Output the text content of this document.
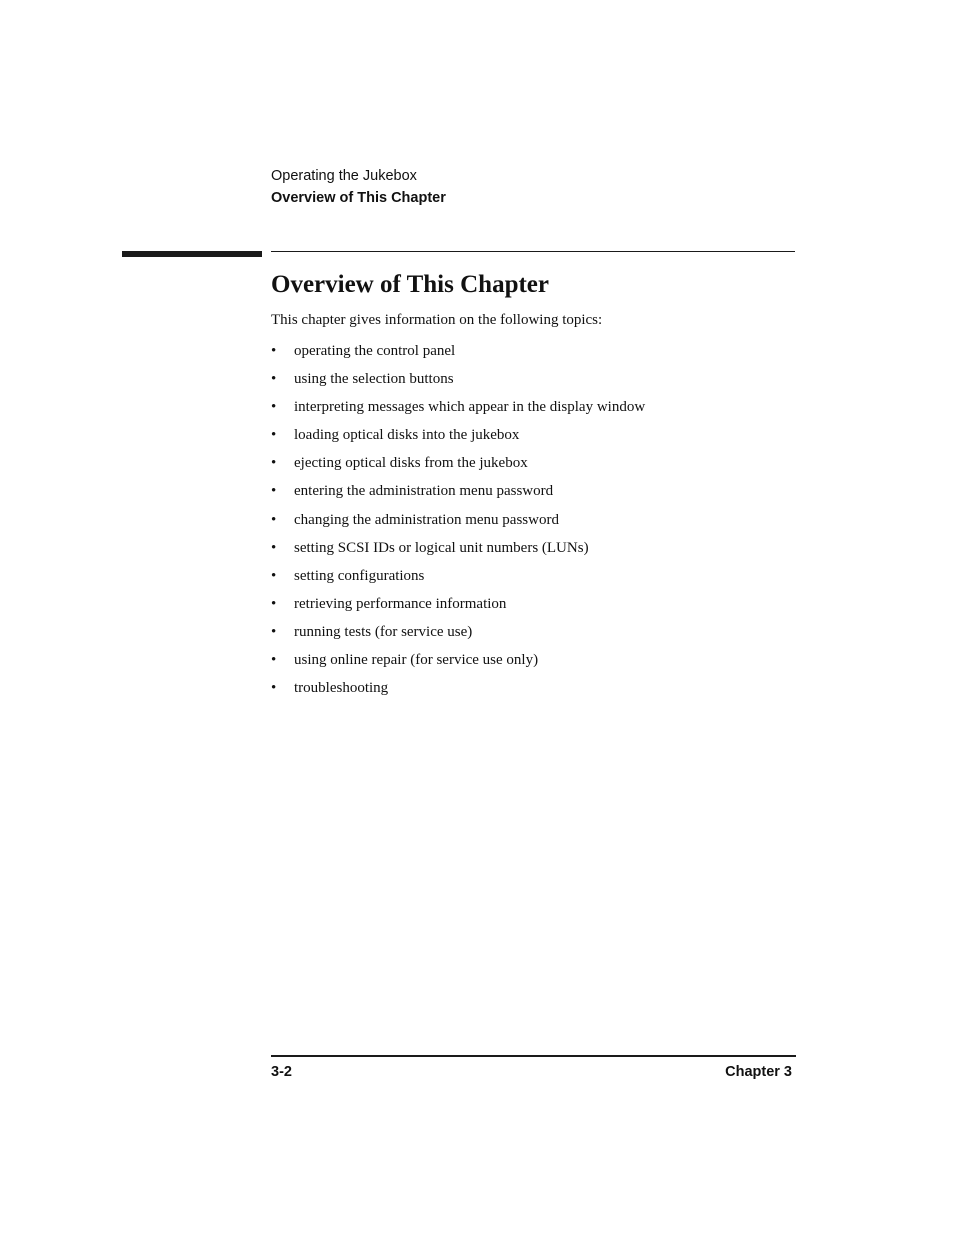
Operating the Jukebox
Overview of This Chapter
Overview of This Chapter

This chapter gives information on the following topics:

• operating the control panel
• using the selection buttons
• interpreting messages which appear in the display window
• loading optical disks into the jukebox
• ejecting optical disks from the jukebox
• entering the administration menu password
• changing the administration menu password
• setting SCSI IDs or logical unit numbers (LUNs)
• setting configurations
• retrieving performance information
• running tests (for service use)
• using online repair (for service use only)
• troubleshooting
3-2	Chapter 3
